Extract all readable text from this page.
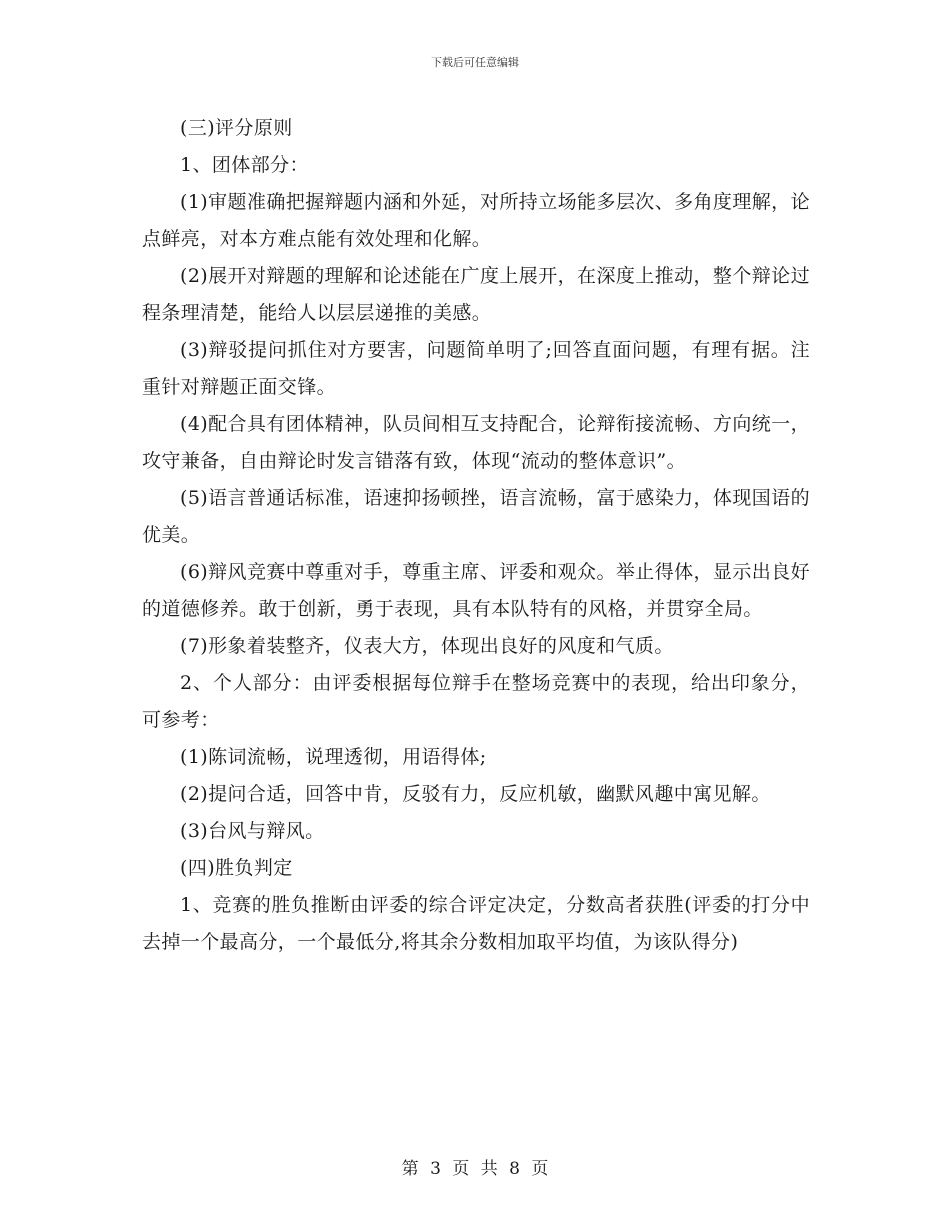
下载后可任意编辑

(三)评分原则

1、团体部分：

(1)审题准确把握辩题内涵和外延，对所持立场能多层次、多角度理解，论点鲜亮，对本方难点能有效处理和化解。

(2)展开对辩题的理解和论述能在广度上展开，在深度上推动，整个辩论过程条理清楚，能给人以层层递推的美感。

(3)辩驳提问抓住对方要害，问题简单明了;回答直面问题，有理有据。注重针对辩题正面交锋。

(4)配合具有团体精神，队员间相互支持配合，论辩衔接流畅、方向统一，攻守兼备，自由辩论时发言错落有致，体现“流动的整体意识”。

(5)语言普通话标准，语速抑扬顿挫，语言流畅，富于感染力，体现国语的优美。

(6)辩风竞赛中尊重对手，尊重主席、评委和观众。举止得体，显示出良好的道德修养。敢于创新，勇于表现，具有本队特有的风格，并贯穿全局。

(7)形象着装整齐，仪表大方，体现出良好的风度和气质。

2、个人部分：由评委根据每位辩手在整场竞赛中的表现，给出印象分，可参考：

(1)陈词流畅，说理透彻，用语得体;

(2)提问合适，回答中肯，反驳有力，反应机敏，幽默风趣中寓见解。

(3)台风与辩风。

(四)胜负判定

1、竞赛的胜负推断由评委的综合评定决定，分数高者获胜(评委的打分中去掉一个最高分，一个最低分,将其余分数相加取平均值，为该队得分)

第 3 页 共 8 页
